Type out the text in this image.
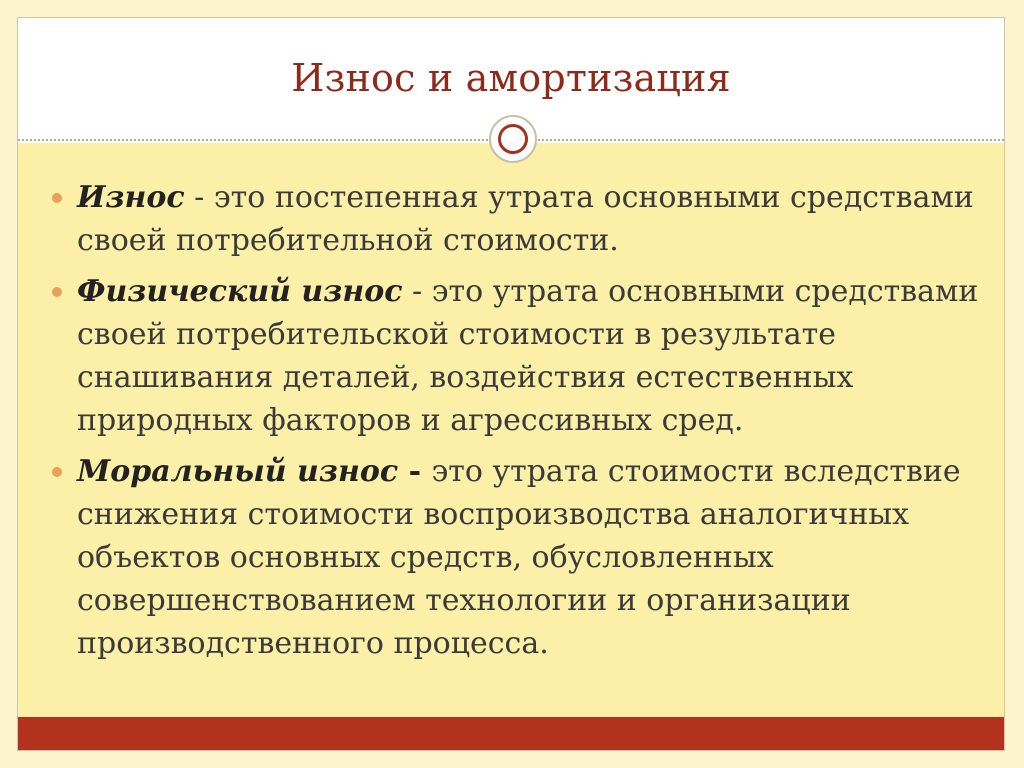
Износ и амортизация
Износ - это постепенная утрата основными средствами своей потребительной стоимости.
Физический износ - это утрата основными средствами своей потребительской стоимости в результате снашивания деталей, воздействия естественных природных факторов и агрессивных сред.
Моральный износ - это утрата стоимости вследствие снижения стоимости воспроизводства аналогичных объектов основных средств, обусловленных совершенствованием технологии и организации производственного процесса.
